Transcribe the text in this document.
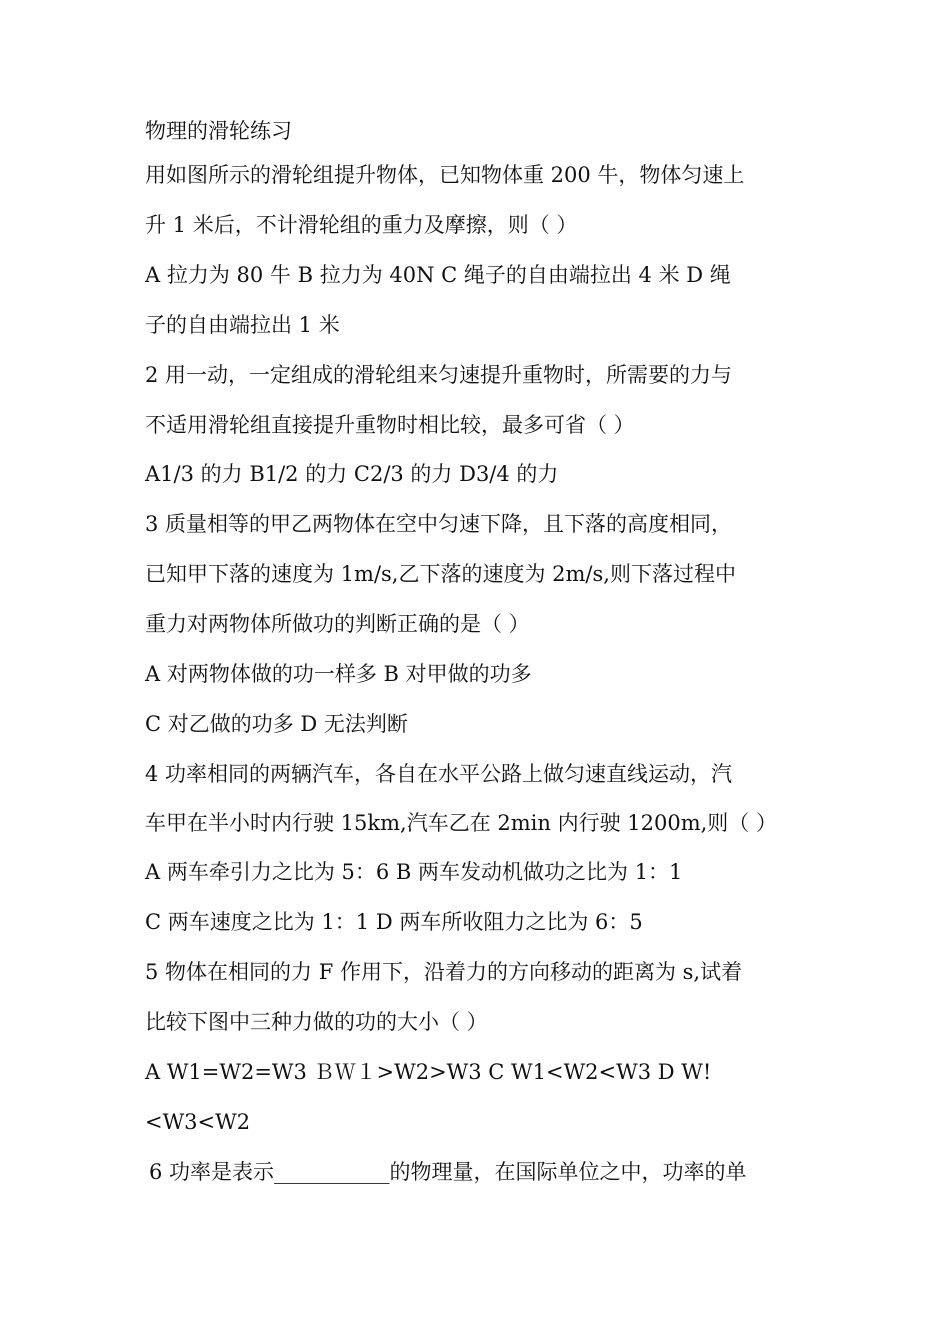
物理的滑轮练习
用如图所示的滑轮组提升物体，已知物体重 200 牛，物体匀速上
升 1 米后，不计滑轮组的重力及摩擦，则（ ）
A 拉力为 80 牛 B 拉力为 40N C 绳子的自由端拉出 4 米 D 绳
子的自由端拉出 1 米
2 用一动，一定组成的滑轮组来匀速提升重物时，所需要的力与
不适用滑轮组直接提升重物时相比较，最多可省（ ）
A1/3 的力 B1/2 的力 C2/3 的力 D3/4 的力
3 质量相等的甲乙两物体在空中匀速下降，且下落的高度相同，
已知甲下落的速度为 1m/s,乙下落的速度为 2m/s,则下落过程中
重力对两物体所做功的判断正确的是（ ）
A 对两物体做的功一样多 B 对甲做的功多
C 对乙做的功多 D 无法判断
4 功率相同的两辆汽车，各自在水平公路上做匀速直线运动，汽
车甲在半小时内行驶 15km,汽车乙在 2min 内行驶 1200m,则（ ）
A 两车牵引力之比为 5：6 B 两车发动机做功之比为 1：1
C 两车速度之比为 1：1 D 两车所收阻力之比为 6：5
5 物体在相同的力 F 作用下，沿着力的方向移动的距离为 s,试着
比较下图中三种力做的功的大小（ ）
A W1=W2=W3 ＢＷ１>W2>W3 C W1<W2<W3 D W!
<W3<W2
6 功率是表示___________的物理量，在国际单位之中，功率的单
